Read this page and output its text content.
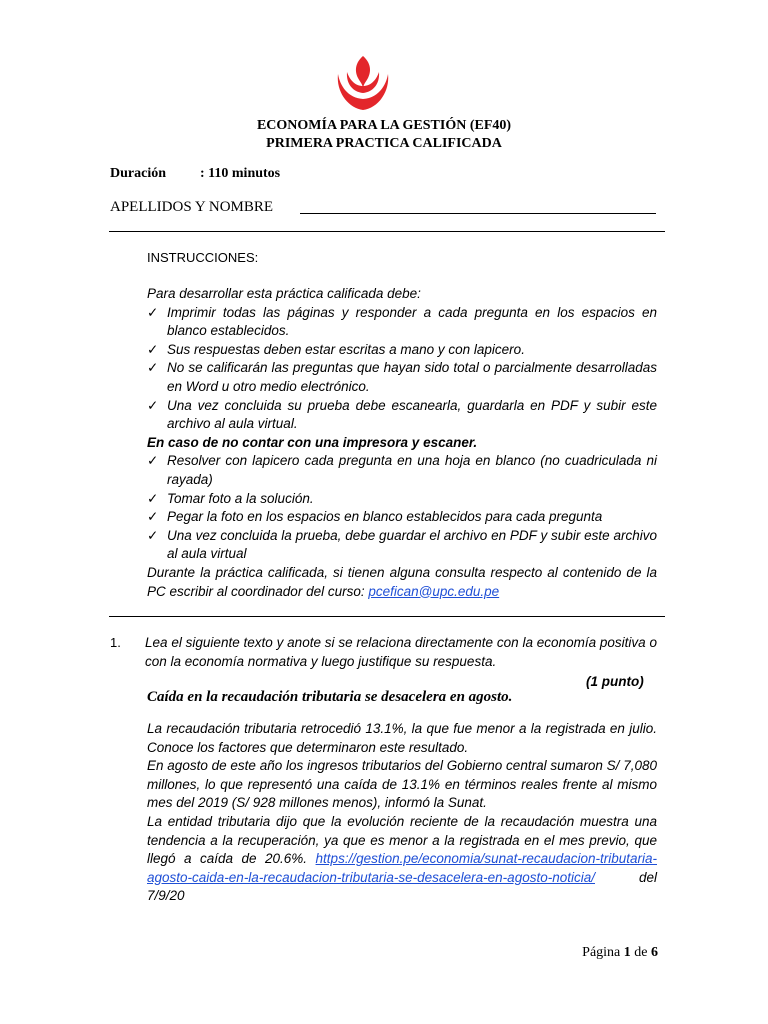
ECONOMÍA PARA LA GESTIÓN (EF40)
PRIMERA PRACTICA CALIFICADA
Duración : 110 minutos
APELLIDOS Y NOMBRE
INSTRUCCIONES:
Para desarrollar esta práctica calificada debe:
✓ Imprimir todas las páginas y responder a cada pregunta en los espacios en blanco establecidos.
✓ Sus respuestas deben estar escritas a mano y con lapicero.
✓ No se calificarán las preguntas que hayan sido total o parcialmente desarrolladas en Word u otro medio electrónico.
✓ Una vez concluida su prueba debe escanearla, guardarla en PDF y subir este archivo al aula virtual.
En caso de no contar con una impresora y escaner.
✓ Resolver con lapicero cada pregunta en una hoja en blanco (no cuadriculada ni rayada)
✓ Tomar foto a la solución.
✓ Pegar la foto en los espacios en blanco establecidos para cada pregunta
✓ Una vez concluida la prueba, debe guardar el archivo en PDF y subir este archivo al aula virtual
Durante la práctica calificada, si tienen alguna consulta respecto al contenido de la PC escribir al coordinador del curso: pcefican@upc.edu.pe
1. Lea el siguiente texto y anote si se relaciona directamente con la economía positiva o con la economía normativa y luego justifique su respuesta.
(1 punto)
Caída en la recaudación tributaria se desacelera en agosto.

La recaudación tributaria retrocedió 13.1%, la que fue menor a la registrada en julio. Conoce los factores que determinaron este resultado.

En agosto de este año los ingresos tributarios del Gobierno central sumaron S/ 7,080 millones, lo que representó una caída de 13.1% en términos reales frente al mismo mes del 2019 (S/ 928 millones menos), informó la Sunat.

La entidad tributaria dijo que la evolución reciente de la recaudación muestra una tendencia a la recuperación, ya que es menor a la registrada en el mes previo, que llegó a caída de 20.6%. https://gestion.pe/economia/sunat-recaudacion-tributaria-agosto-caida-en-la-recaudacion-tributaria-se-desacelera-en-agosto-noticia/ del 7/9/20

Página 1 de 6
